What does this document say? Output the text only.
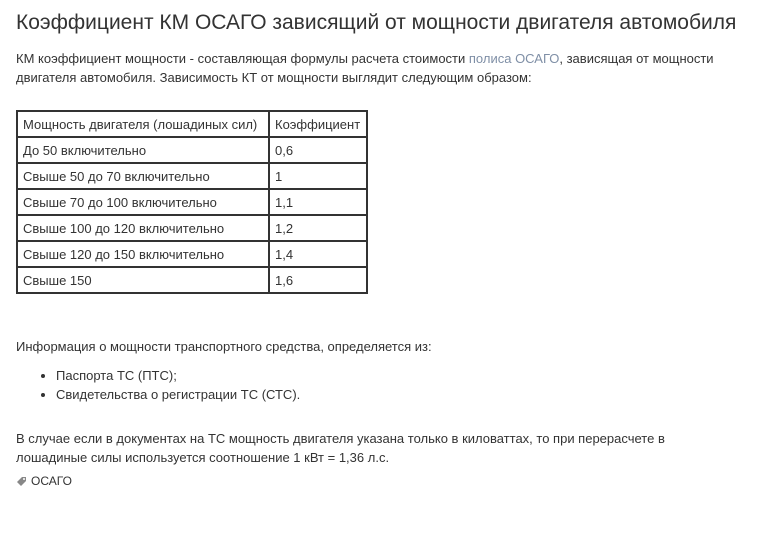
Коэффициент КМ ОСАГО зависящий от мощности двигателя автомобиля

КМ коэффициент мощности - составляющая формулы расчета стоимости полиса ОСАГО, зависящая от мощности двигателя автомобиля. Зависимость КТ от мощности выглядит следующим образом:

Мощность двигателя (лошадиных сил)	Коэффициент
До 50 включительно	0,6
Свыше 50 до 70 включительно	1
Свыше 70 до 100 включительно	1,1
Свыше 100 до 120 включительно	1,2
Свыше 120 до 150 включительно	1,4
Свыше 150	1,6

Информация о мощности транспортного средства, определяется из:

• Паспорта ТС (ПТС);
• Свидетельства о регистрации ТС (СТС).

В случае если в документах на ТС мощность двигателя указана только в киловаттах, то при перерасчете в лошадиные силы используется соотношение 1 кВт = 1,36 л.с.

ОСАГО
